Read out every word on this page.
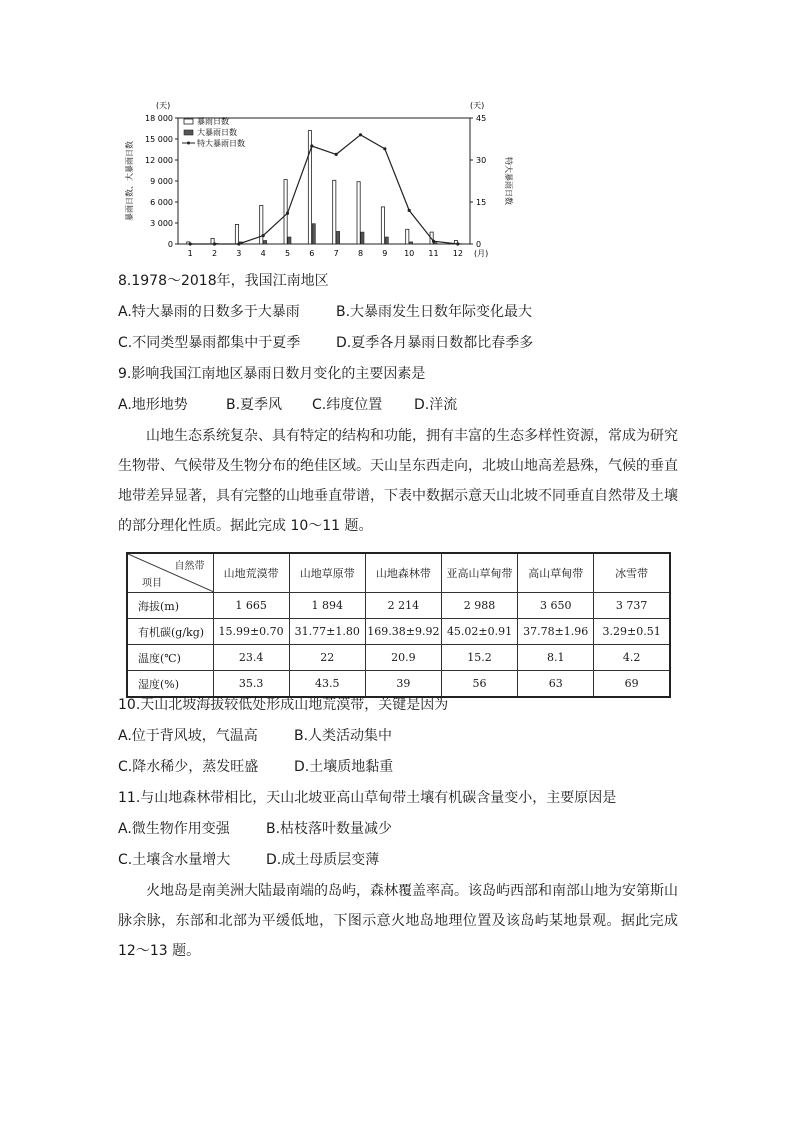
0
3 000
6 000
9 000
12 000
15 000
18 000
0
15
30
45
(天)	(天)
暴雨日数、大暴雨日数	特大暴雨日数
1 2 3 4 5 6 7 8 9 10 11 12 (月)
暴雨日数
大暴雨日数
特大暴雨日数
8.1978～2018年，我国江南地区
A.特大暴雨的日数多于大暴雨	B.大暴雨发生日数年际变化最大
C.不同类型暴雨都集中于夏季	D.夏季各月暴雨日数都比春季多
9.影响我国江南地区暴雨日数月变化的主要因素是
A.地形地势	B.夏季风	C.纬度位置	D.洋流
山地生态系统复杂、具有特定的结构和功能，拥有丰富的生态多样性资源，常成为研究生物带、气候带及生物分布的绝佳区域。天山呈东西走向，北坡山地高差悬殊，气候的垂直地带差异显著，具有完整的山地垂直带谱，下表中数据示意天山北坡不同垂直自然带及土壤的部分理化性质。据此完成 10～11 题。
自然带
项目	山地荒漠带	山地草原带	山地森林带	亚高山草甸带	高山草甸带	冰雪带
海拔(m)	1 665	1 894	2 214	2 988	3 650	3 737
有机碳(g/kg)	15.99±0.70	31.77±1.80	169.38±9.92	45.02±0.91	37.78±1.96	3.29±0.51
温度(℃)	23.4	22	20.9	15.2	8.1	4.2
湿度(%)	35.3	43.5	39	56	63	69
10.天山北坡海拔较低处形成山地荒漠带，关键是因为
A.位于背风坡，气温高	B.人类活动集中
C.降水稀少，蒸发旺盛	D.土壤质地黏重
11.与山地森林带相比，天山北坡亚高山草甸带土壤有机碳含量变小，主要原因是
A.微生物作用变强	B.枯枝落叶数量减少
C.土壤含水量增大	D.成土母质层变薄
火地岛是南美洲大陆最南端的岛屿，森林覆盖率高。该岛屿西部和南部山地为安第斯山脉余脉，东部和北部为平缓低地，下图示意火地岛地理位置及该岛屿某地景观。据此完成 12～13 题。
